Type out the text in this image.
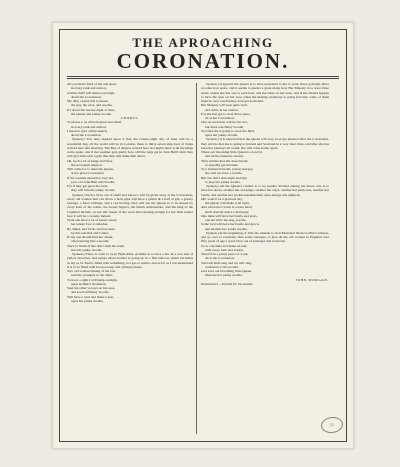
THE APROACHING
CORONATION.

All you that's fond of fun and sport,
in every rank and station,
A little chaff will make you laugh,
about the Coronation;
My ditty cannot fail to please,
the gay, the wise, and noodle,
It's about the twenty-eight of June,
the Queen and yanky doodle.

CHORUS.

To please y ou all both great and small,
in every rank and station,
I mean to give a little sketch,
about the Coronation.

Spoken.) You may depend upon it that the twenty-eight day of June will be a wonderful day, all the world will be in London, there is thirty-seven ship load of Turks arrived here this morning. The Bey of Algiers arrived here last night; there is all the kings come again, and if the weather gets gustry how will the bags get in John Bull's shirt they will give him such a grip that they will make him dance.

Oh, such a lot of kings and fleas,
the sovereign religion,
Will come for to meet the Queen,
at her great Coronation;
If the weather should be very hot,
poor old John Bull will Soodle,
For if they get upon his back,
they will bite his yanky doodle.

Spoken.) Such a blow out of snuff and tobacco will be given away at the Coronation, every old woman that can throw a horn-pipe will have a gallon & a half of gin, a greasy sausage, a fried cabbage, and a red herring, they will see the Queen is to be kissed by every Peer of the realm, the Grand Signior, the Dutch Ambassador, and the king of the Cannibal Islands, on her left cheek, if she wont have kissing enough for her little tender face it will be a wonder indeed.

Wont she have a lot of kisses sweet,
her tender face to smother,
By dukes, and lords, and baronets,
by this and that and t'other;
If any one should hurt her cheek,
when kissing like a noodle,
She's to blame if she don't stick her teeth
into his yanky doodle.

Spoken.) There is a fair to be in Hyde-Park, Achilles is to have a hat, & a new suit of yellow breeches, and square Mont Goilfer is going up in a fine balloon, where his times as big as St. Paul's, filled with something, not gas or spirits, and as far as I can understand it is to be filled with hot pea-soup and cabbage plants.

Two old women talking of the fair,
said the youngest to the other,
To have a sight I will jump outright,
upon Achille's shoulders;
Said the other you get on his nose,
and see bold Bessy Soodle,
Will have a treat and make a seat,
upon his yanky doodle.

Spoken.) It appears the Queen is to have presented to her to wear, three gold gilt silver wooden iron spurs, and it seems to puzzle a great many how Her Majesty is to wear three spurs, unless she has one to each heel, and the other on her nose, and if she should happen to have the spur on her nose when the kissing ceremony is going forward, some of them must be very careful they dont get scratched.

Her Majesty will look quite well,
and noble in her station,
For she has got to wear three spurs,
all at her Coronation;
One on each heel will be but two,
but there was Betsy Soodle,
You feel she is going to wear the third,
upon her yanky doodle.

Spoken.) It is expected that the Queen will very soon get married after the Coronation, they tell me that she is going to Ireland and Scotland in a very short time, and after she has been her journeys all round, she will come home again.

When our blooming little Queen is crown'd,
and all the business carried,
They tell me that she does intend,
to speedily get married;
To a husband buxom, young and gay,
she will not have a noodle,
But one that's able night and day,
to play her yanky doodle.

Spoken.) All the Queen's clothes is to be equally divided among the Peers, one is to have her shoes, another her stockings, another her stays, another her petticoats, another her bustle, and another her pocket-handkerchief, shoe-strings and nightcap.

Oh! wont it be a glorious day,
the Queen will make it all right,
And when the Crown is on her head,
she'll merrily dance a hornpipe;
One duke will have her bustle and stays,
one her little lap-dog, poodle,
Some lord will have her bustle and gown,
and another her yanky doodle.

Spoken.) In the beginning of July she intends to visit Monsieur Mont Goilfer's balloon, and go over to Germany after some sausages, to give all the old women in England over fifty years of age a good blow out of sausages and sourcrout.

So to conclude and make an end,
with every rank and station,
There'll be a pretty piece of work,
all at the Coronation;
The lads shall sing and we will sing,
confusion to the noodle,
God save our blooming little Queen,
likewise her yanky doodle.

JOHN MORGAN.

Westminster.—Printed for the Author.

12
